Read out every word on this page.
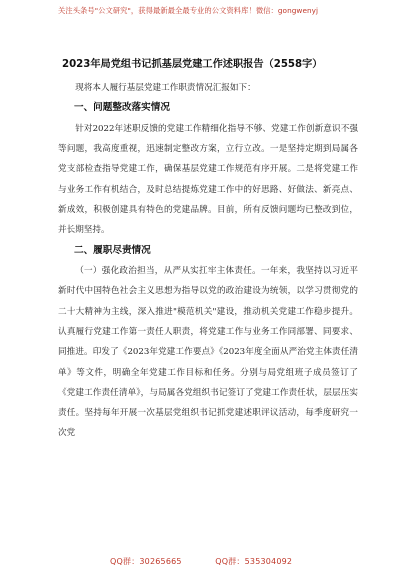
关注头条号"公文研究"，获得最新最全最专业的公文资料库！微信：gongwenyj
2023年局党组书记抓基层党建工作述职报告（2558字）

现将本人履行基层党建工作职责情况汇报如下：

一、问题整改落实情况

针对2022年述职反馈的党建工作精细化指导不够、党建工作创新意识不强等问题，我高度重视，迅速制定整改方案，立行立改。一是坚持定期到局属各党支部检查指导党建工作，确保基层党建工作规范有序开展。二是将党建工作与业务工作有机结合，及时总结提炼党建工作中的好思路、好做法、新亮点、新成效，积极创建具有特色的党建品牌。目前，所有反馈问题均已整改到位，并长期坚持。

二、履职尽责情况

（一）强化政治担当，从严从实扛牢主体责任。一年来，我坚持以习近平新时代中国特色社会主义思想为指导以党的政治建设为统领，以学习贯彻党的二十大精神为主线，深入推进"模范机关"建设，推动机关党建工作稳步提升。认真履行党建工作第一责任人职责，将党建工作与业务工作同部署、同要求、同推进。印发了《2023年党建工作要点》《2023年度全面从严治党主体责任清单》等文件，明确全年党建工作目标和任务。分别与局党组班子成员签订了《党建工作责任清单》，与局属各党组织书记签订了党建工作责任状，层层压实责任。坚持每年开展一次基层党组织书记抓党建述职评议活动，每季度研究一次党

QQ群：30265665	QQ群：535304092
